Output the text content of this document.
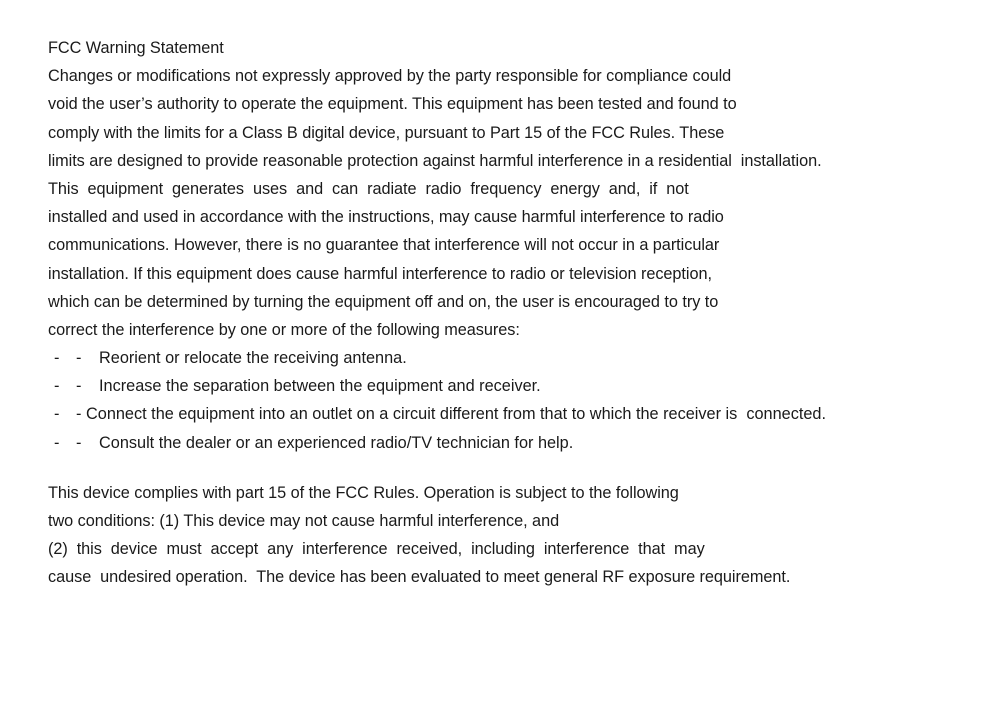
FCC Warning Statement
Changes or modifications not expressly approved by the party responsible for compliance could
void the user’s authority to operate the equipment. This equipment has been tested and found to
comply with the limits for a Class B digital device, pursuant to Part 15 of the FCC Rules. These
limits are designed to provide reasonable protection against harmful interference in a residential  installation.
This  equipment  generates  uses  and  can  radiate  radio  frequency  energy  and,  if  not
installed and used in accordance with the instructions, may cause harmful interference to radio
communications. However, there is no guarantee that interference will not occur in a particular
installation. If this equipment does cause harmful interference to radio or television reception,
which can be determined by turning the equipment off and on, the user is encouraged to try to
correct the interference by one or more of the following measures:
- - Reorient or relocate the receiving antenna.
- - Increase the separation between the equipment and receiver.
- -
Connect the equipment into an outlet on a circuit different from that to which the receiver is  connected.
- - Consult the dealer or an experienced radio/TV technician for help.
This device complies with part 15 of the FCC Rules. Operation is subject to the following
two conditions: (1) This device may not cause harmful interference, and
(2)  this  device  must  accept  any  interference  received,  including  interference  that  may
cause  undesired operation.  The device has been evaluated to meet general RF exposure requirement.
